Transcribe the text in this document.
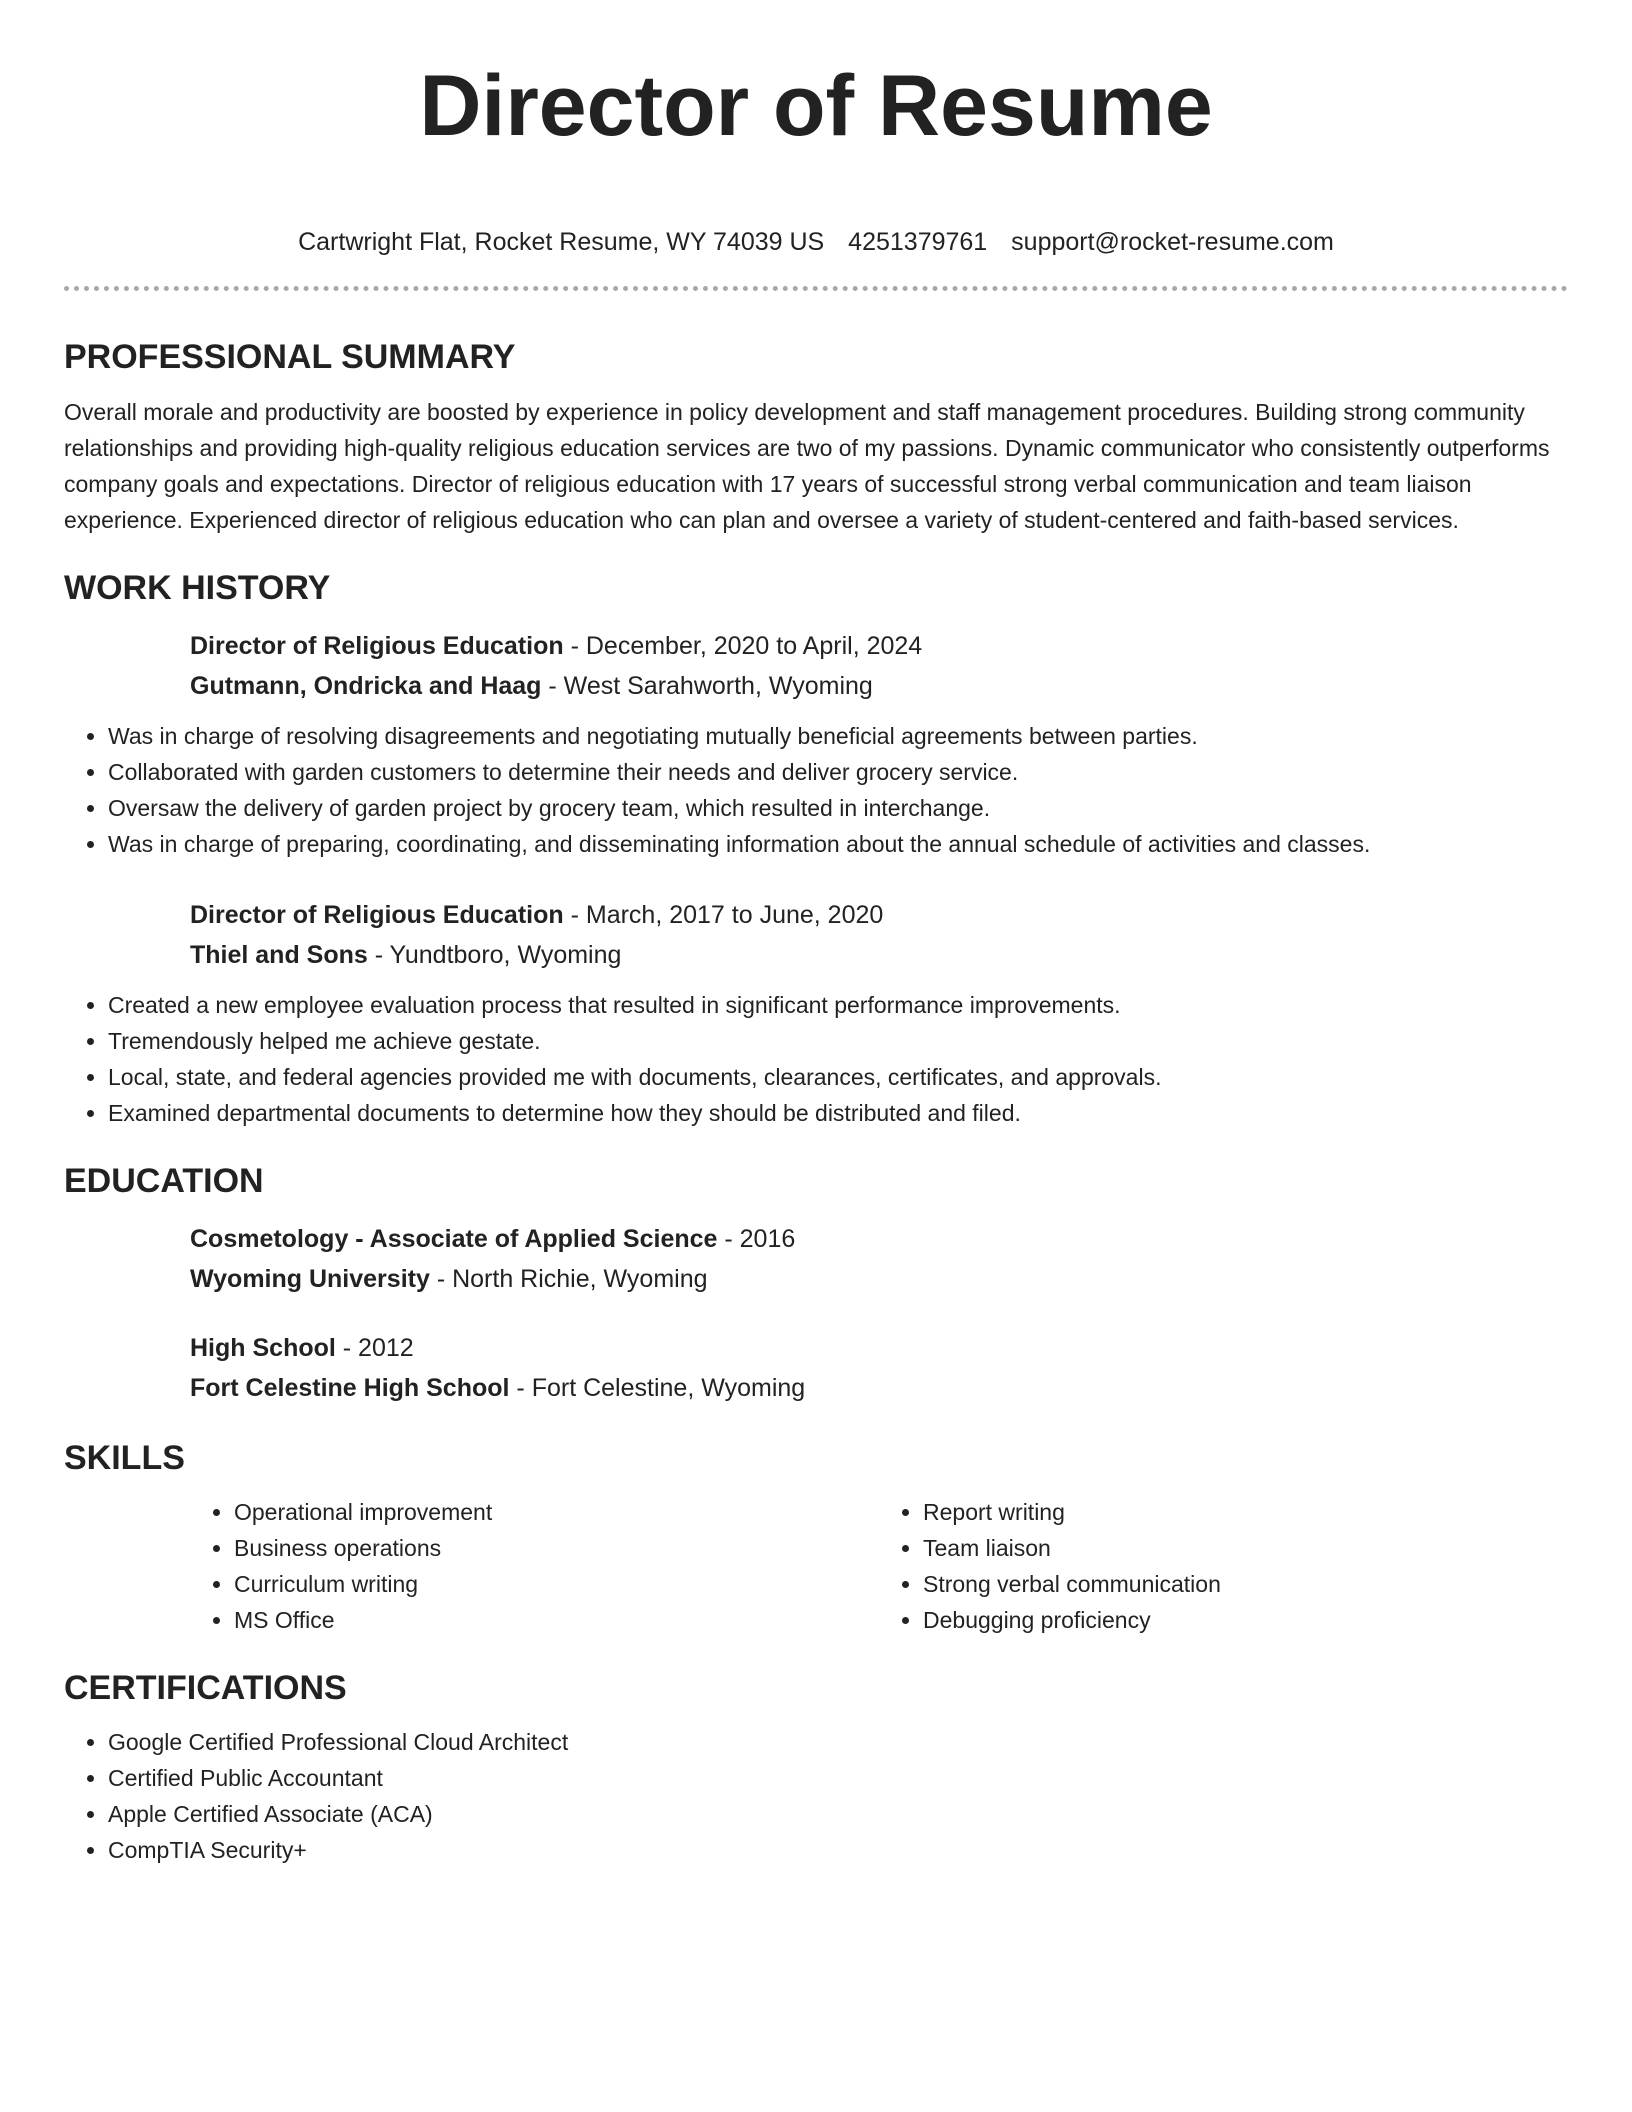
Director of Resume
Cartwright Flat, Rocket Resume, WY 74039 US 4251379761 support@rocket-resume.com
PROFESSIONAL SUMMARY

Overall morale and productivity are boosted by experience in policy development and staff management procedures. Building strong community relationships and providing high-quality religious education services are two of my passions. Dynamic communicator who consistently outperforms company goals and expectations. Director of religious education with 17 years of successful strong verbal communication and team liaison experience. Experienced director of religious education who can plan and oversee a variety of student-centered and faith-based services.

WORK HISTORY

Director of Religious Education - December, 2020 to April, 2024

Gutmann, Ondricka and Haag - West Sarahworth, Wyoming

• Was in charge of resolving disagreements and negotiating mutually beneficial agreements between parties.
• Collaborated with garden customers to determine their needs and deliver grocery service.
• Oversaw the delivery of garden project by grocery team, which resulted in interchange.
• Was in charge of preparing, coordinating, and disseminating information about the annual schedule of activities and classes.

Director of Religious Education - March, 2017 to June, 2020

Thiel and Sons - Yundtboro, Wyoming

• Created a new employee evaluation process that resulted in significant performance improvements.
• Tremendously helped me achieve gestate.
• Local, state, and federal agencies provided me with documents, clearances, certificates, and approvals.
• Examined departmental documents to determine how they should be distributed and filed.
EDUCATION

Cosmetology - Associate of Applied Science - 2016

Wyoming University - North Richie, Wyoming

High School - 2012

Fort Celestine High School - Fort Celestine, Wyoming

SKILLS
• Operational improvement
• Business operations
• Curriculum writing
• MS Office
• Report writing
• Team liaison
• Strong verbal communication
• Debugging proficiency
CERTIFICATIONS
• Google Certified Professional Cloud Architect
• Certified Public Accountant
• Apple Certified Associate (ACA)
• CompTIA Security+
